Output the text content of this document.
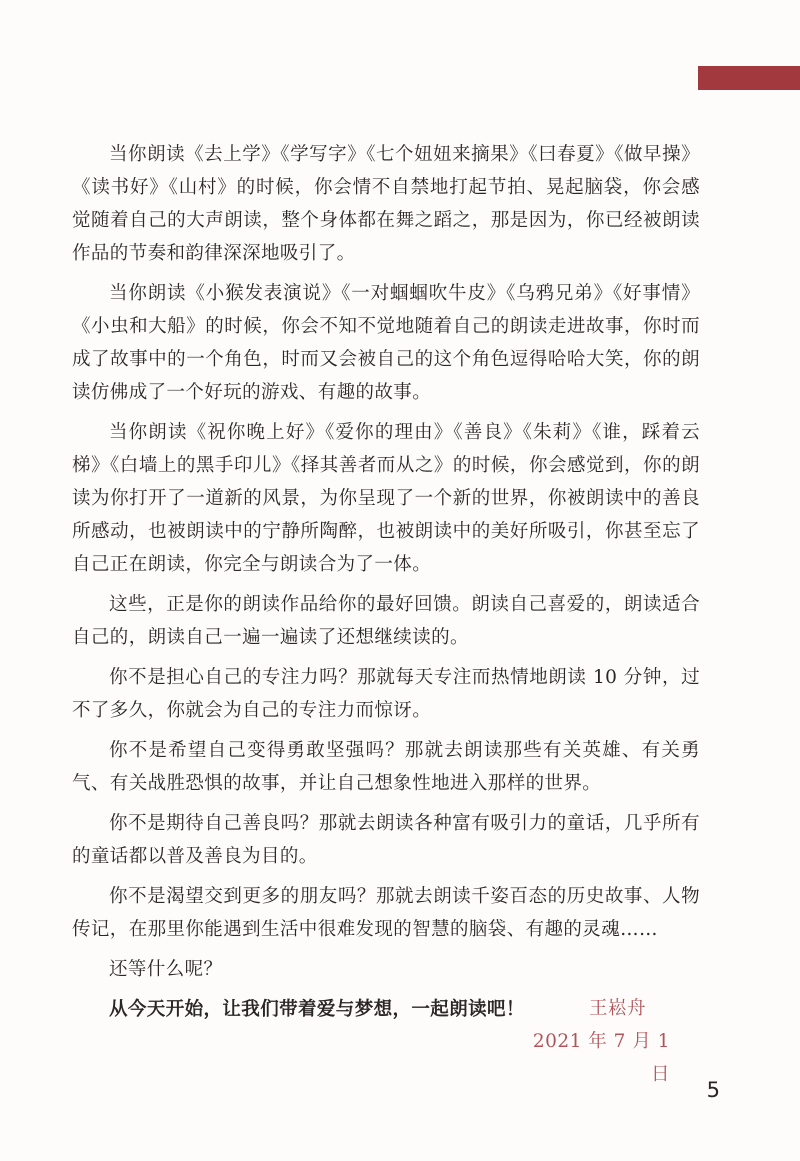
当你朗读《去上学》《学写字》《七个妞妞来摘果》《曰春夏》《做早操》《读书好》《山村》的时候，你会情不自禁地打起节拍、晃起脑袋，你会感觉随着自己的大声朗读，整个身体都在舞之蹈之，那是因为，你已经被朗读作品的节奏和韵律深深地吸引了。

当你朗读《小猴发表演说》《一对蝈蝈吹牛皮》《乌鸦兄弟》《好事情》《小虫和大船》的时候，你会不知不觉地随着自己的朗读走进故事，你时而成了故事中的一个角色，时而又会被自己的这个角色逗得哈哈大笑，你的朗读仿佛成了一个好玩的游戏、有趣的故事。

当你朗读《祝你晚上好》《爱你的理由》《善良》《朱莉》《谁，踩着云梯》《白墙上的黑手印儿》《择其善者而从之》的时候，你会感觉到，你的朗读为你打开了一道新的风景，为你呈现了一个新的世界，你被朗读中的善良所感动，也被朗读中的宁静所陶醉，也被朗读中的美好所吸引，你甚至忘了自己正在朗读，你完全与朗读合为了一体。

这些，正是你的朗读作品给你的最好回馈。朗读自己喜爱的，朗读适合自己的，朗读自己一遍一遍读了还想继续读的。

你不是担心自己的专注力吗？那就每天专注而热情地朗读 10 分钟，过不了多久，你就会为自己的专注力而惊讶。

你不是希望自己变得勇敢坚强吗？那就去朗读那些有关英雄、有关勇气、有关战胜恐惧的故事，并让自己想象性地进入那样的世界。

你不是期待自己善良吗？那就去朗读各种富有吸引力的童话，几乎所有的童话都以普及善良为目的。

你不是渴望交到更多的朋友吗？那就去朗读千姿百态的历史故事、人物传记，在那里你能遇到生活中很难发现的智慧的脑袋、有趣的灵魂……

还等什么呢？

从今天开始，让我们带着爱与梦想，一起朗读吧！	王崧舟
2021 年 7 月 1 日
5
